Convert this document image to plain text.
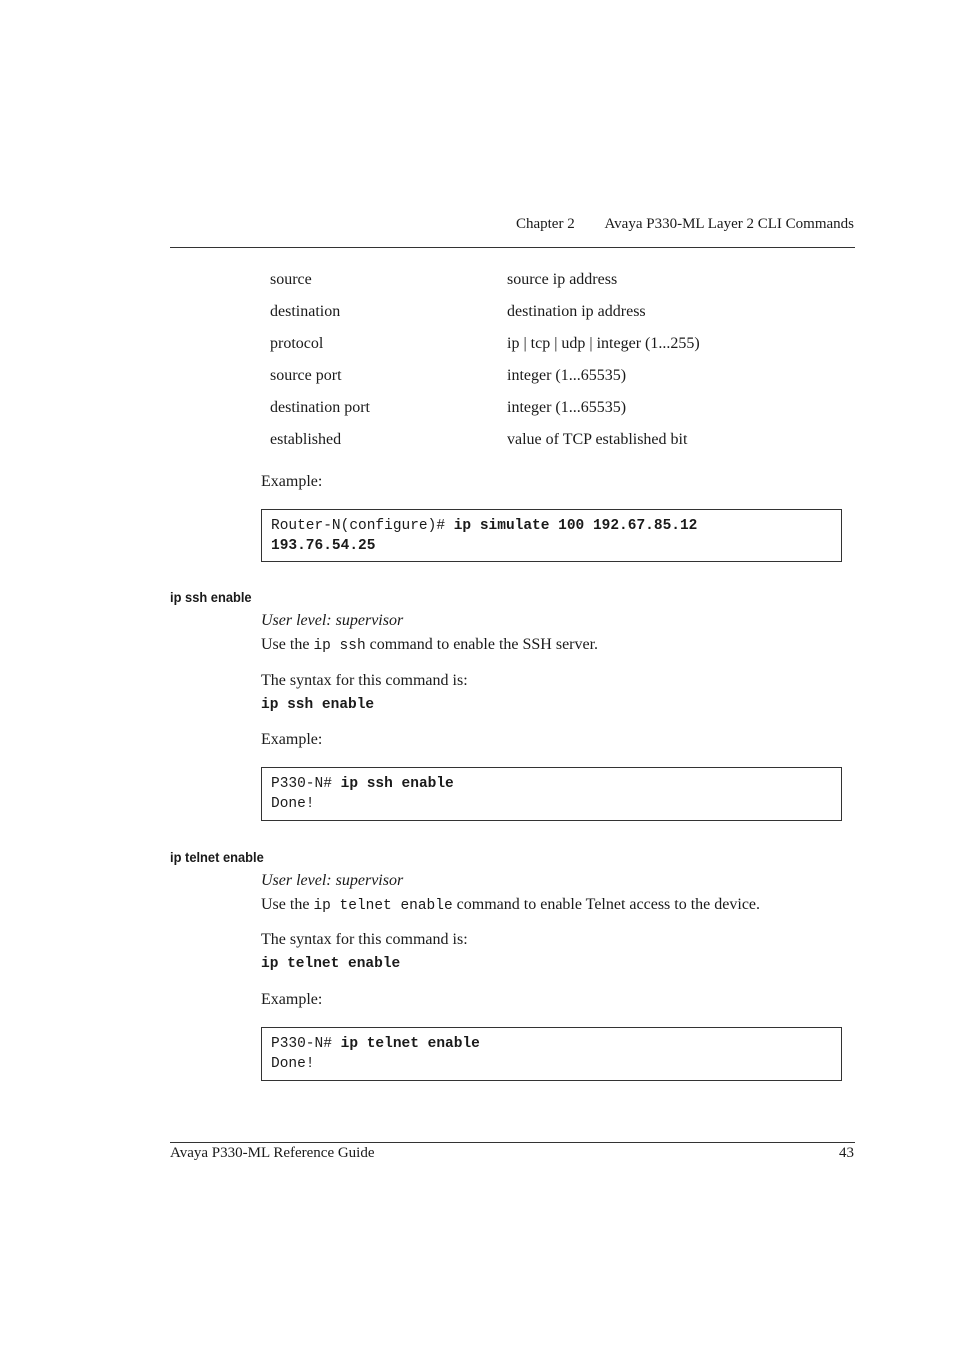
Chapter 2 Avaya P330-ML Layer 2 CLI Commands
source	source ip address
destination	destination ip address
protocol	ip | tcp | udp | integer (1...255)
source port	integer (1...65535)
destination port	integer (1...65535)
established	value of TCP established bit
Example:
Router-N(configure)# ip simulate 100 192.67.85.12
193.76.54.25
ip ssh enable
User level: supervisor
Use the ip ssh command to enable the SSH server.
The syntax for this command is:
ip ssh enable
Example:
P330-N# ip ssh enable
Done!
ip telnet enable
User level: supervisor
Use the ip telnet enable command to enable Telnet access to the device.
The syntax for this command is:
ip telnet enable
Example:
P330-N# ip telnet enable
Done!
Avaya P330-ML Reference Guide	43
